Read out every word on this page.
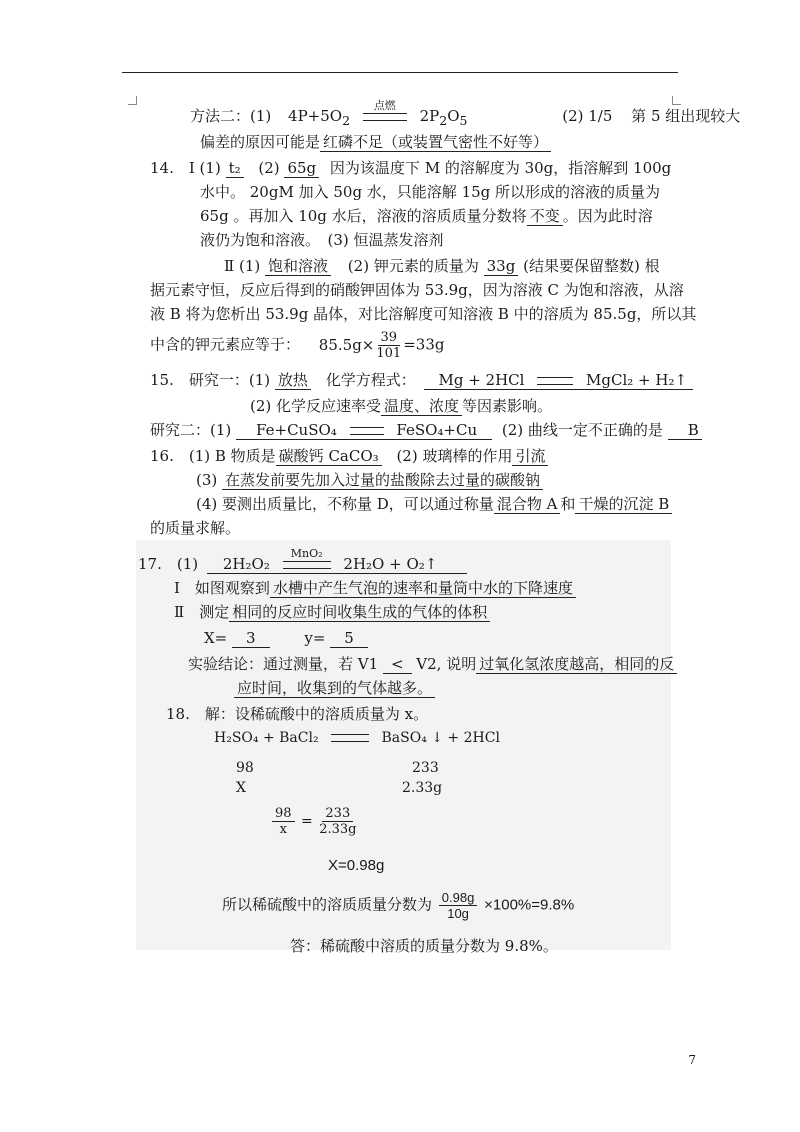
方法二：(1) $4P+5O_2$
点燃
$2P_2O_5$	(2) 1/5 第 5 组出现较大
偏差的原因可能是 红磷不足（或装置气密性不好等）
14.　Ⅰ (1) t₂ (2) 65g 因为该温度下 M 的溶解度为 30g，指溶解到 100g
水中。 20gM 加入 50g 水，只能溶解 15g 所以形成的溶液的质量为
65g 。再加入 10g 水后，溶液的溶质质量分数将 不变 。因为此时溶
液仍为饱和溶液。　(3) 恒温蒸发溶剂
Ⅱ (1) 饱和溶液 (2) 钾元素的质量为 33g (结果要保留整数) 根
据元素守恒，反应后得到的硝酸钾固体为 53.9g，因为溶液 C 为饱和溶液，从溶
液 B 将为您析出 53.9g 晶体，对比溶解度可知溶液 B 中的溶质为 85.5g，所以其
中含的钾元素应等于： $85.5g\times \frac{39}{101} =33g$
15.　研究一：(1) 放热 化学方程式： Mg + 2HCl	MgCl₂ + H₂↑
(2) 化学反应速率受 温度、浓度 等因素影响。
研究二：(1) Fe+CuSO₄	FeSO₄+Cu (2) 曲线一定不正确的是 B
16.　(1) B 物质是 碳酸钙 CaCO₃ (2) 玻璃棒的作用 引流
(3) 在蒸发前要先加入过量的盐酸除去过量的碳酸钠
(4) 要测出质量比，不称量 D，可以通过称量 混合物 A 和 干燥的沉淀 B
的质量求解。
17.　(1) 2H₂O₂
MnO₂
2H₂O + O₂↑
Ⅰ　如图观察到 水槽中产生气泡的速率和量筒中水的下降速度
Ⅱ　测定 相同的反应时间收集生成的气体的体积
X= 3	y= 5
实验结论：通过测量，若 V1 < V2, 说明 过氧化氢浓度越高，相同的反
应时间，收集到的气体越多。
18.　解：设稀硫酸中的溶质质量为 x。
H₂SO₄ + BaCl₂	BaSO₄ ↓ + 2HCl
98	233
X	2.33g
$\frac{98}{x} = \frac{233}{2.33g}$
X=0.98g
所以稀硫酸中的溶质质量分数为 $\frac{0.98g}{10g} \times 100\%=9.8\%$
答：稀硫酸中溶质的质量分数为 9.8%。
7
